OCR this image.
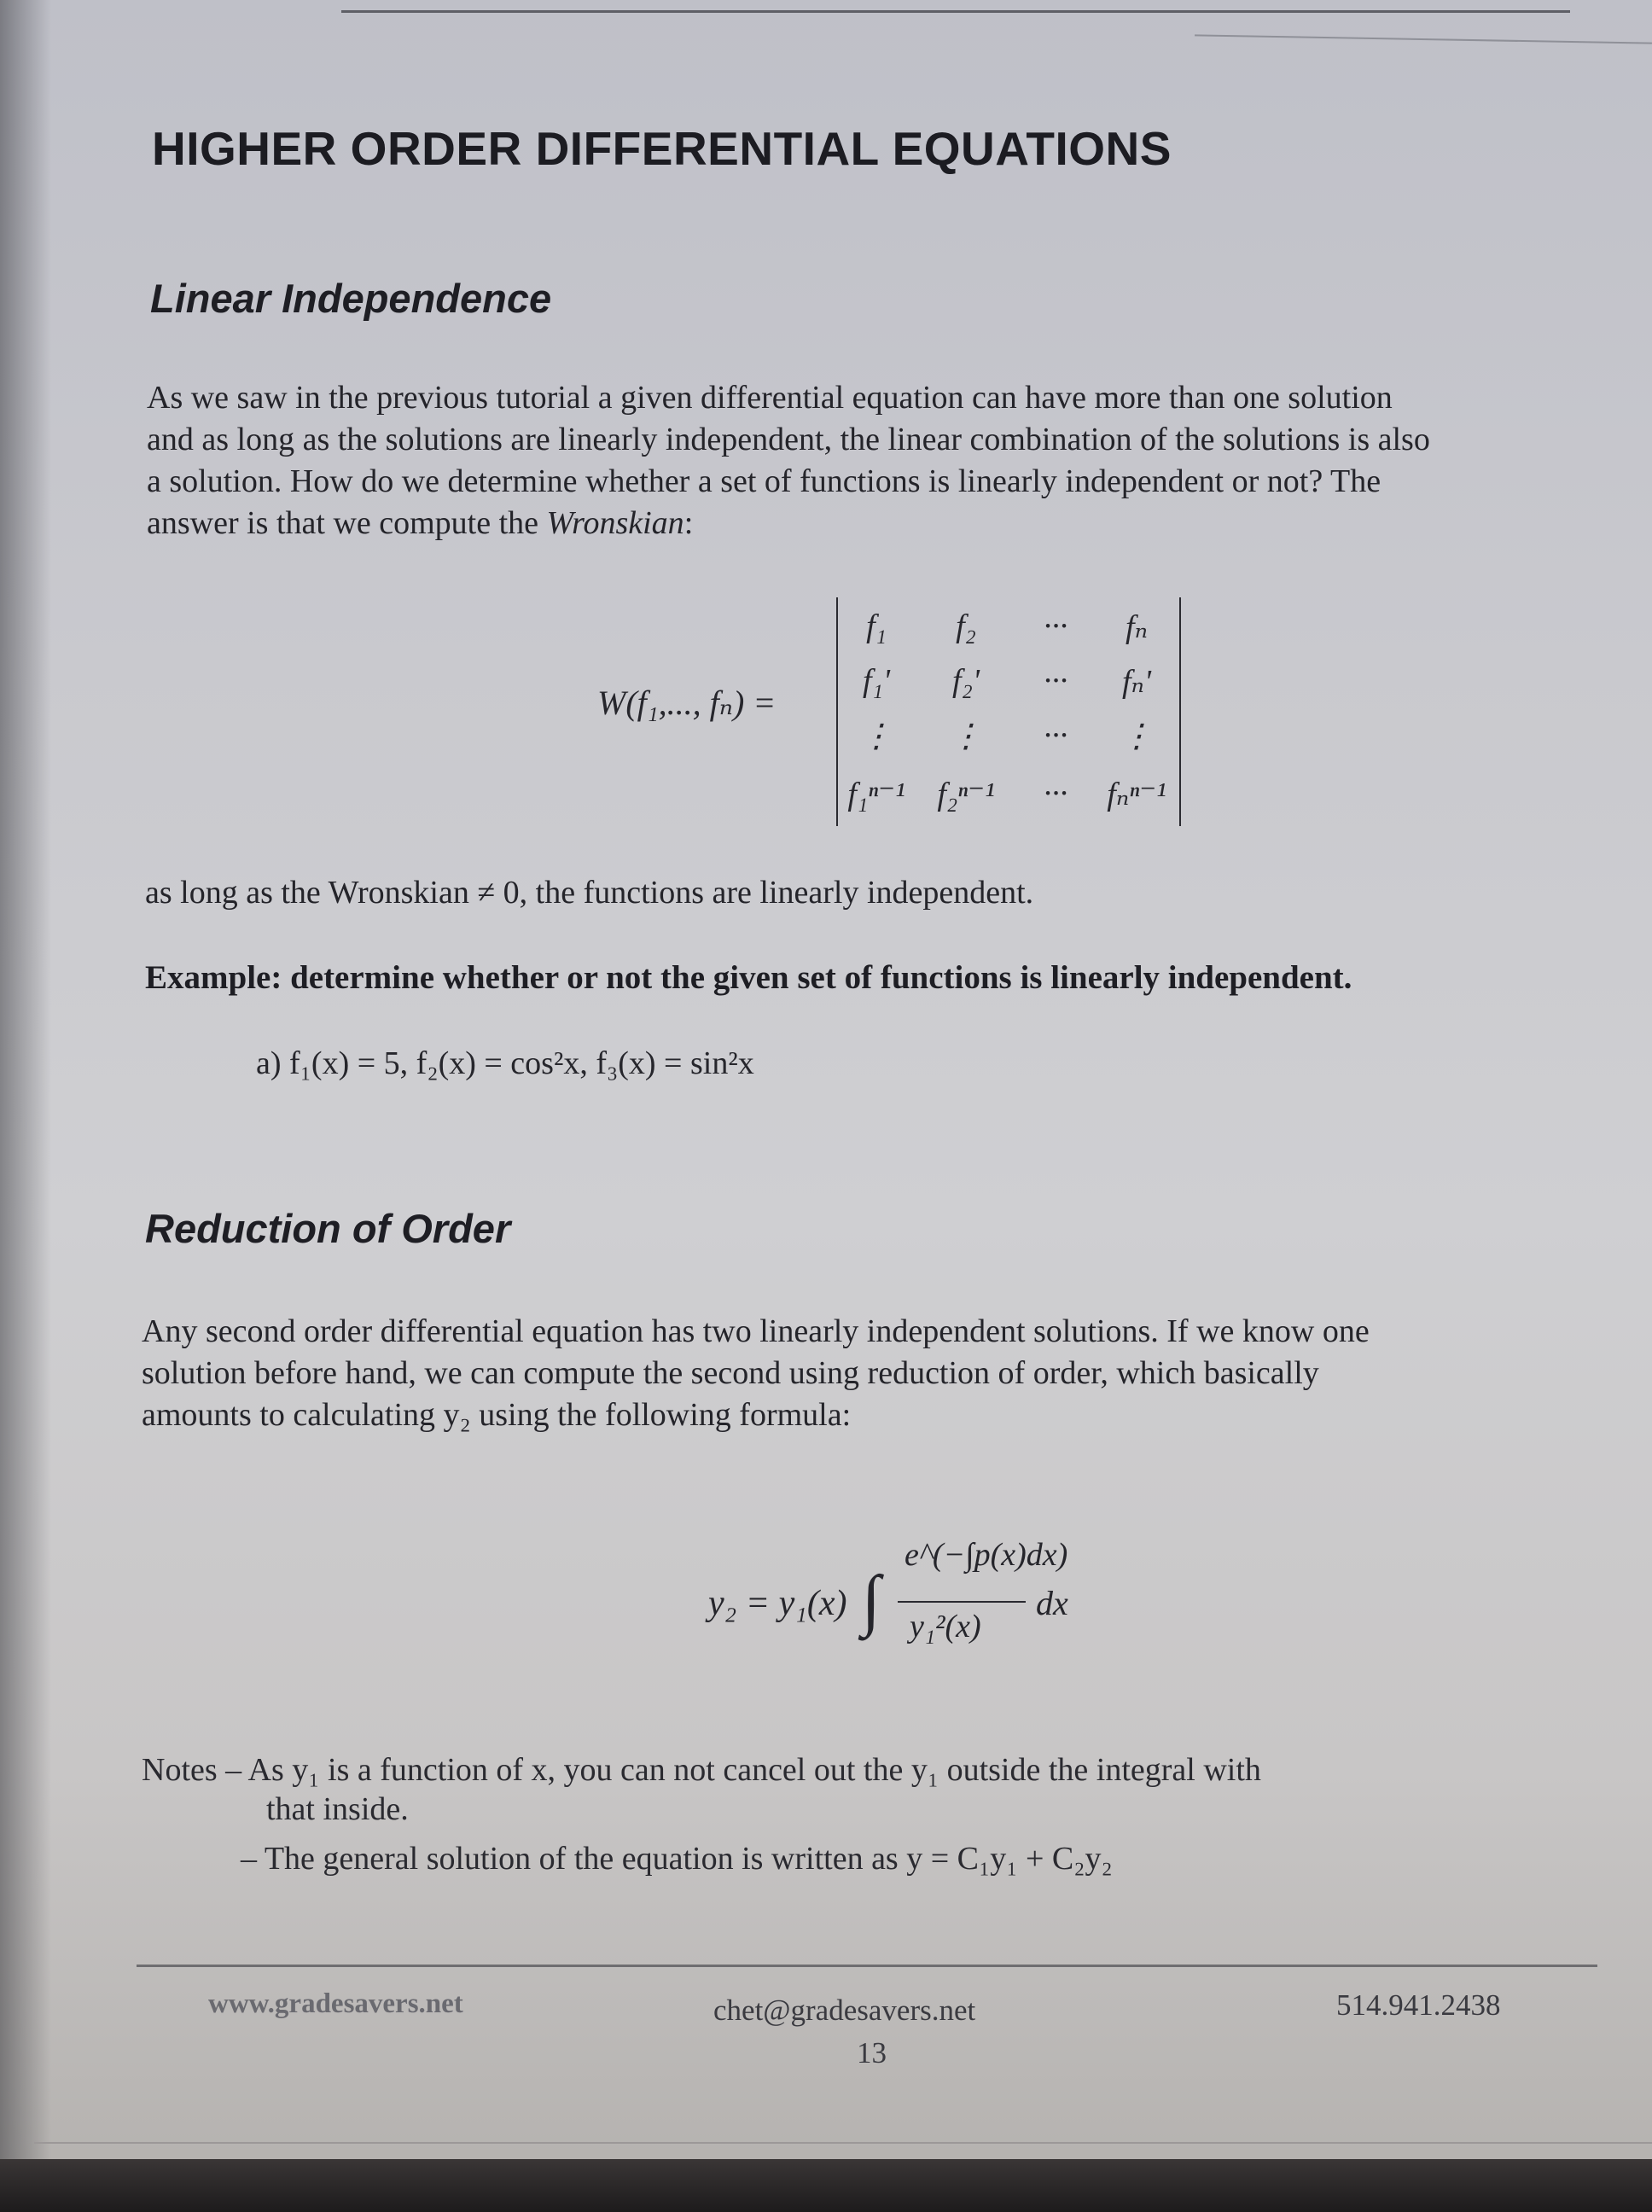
HIGHER ORDER DIFFERENTIAL EQUATIONS
Linear Independence

As we saw in the previous tutorial a given differential equation can have more than one solution
and as long as the solutions are linearly independent, the linear combination of the solutions is also
a solution. How do we determine whether a set of functions is linearly independent or not? The
answer is that we compute the Wronskian:

W(f₁,..., fₙ) =
f₁	f₂	···	fₙ
f₁'	f₂'	···	fₙ'
⋮	⋮	···	⋮
f₁ⁿ⁻¹ f₂ⁿ⁻¹	···	fₙⁿ⁻¹

as long as the Wronskian ≠ 0, the functions are linearly independent.

Example: determine whether or not the given set of functions is linearly independent.

a) f₁(x) = 5, f₂(x) = cos²x, f₃(x) = sin²x

Reduction of Order

Any second order differential equation has two linearly independent solutions. If we know one
solution before hand, we can compute the second using reduction of order, which basically
amounts to calculating y₂ using the following formula:

y₂ = y₁(x) ∫
e^(−∫p(x)dx)
y₁²(x)
dx

Notes – As y₁ is a function of x, you can not cancel out the y₁ outside the integral with

that inside.

– The general solution of the equation is written as y = C₁y₁ + C₂y₂

www.gradesavers.net	chet@gradesavers.net

13

514.941.2438
